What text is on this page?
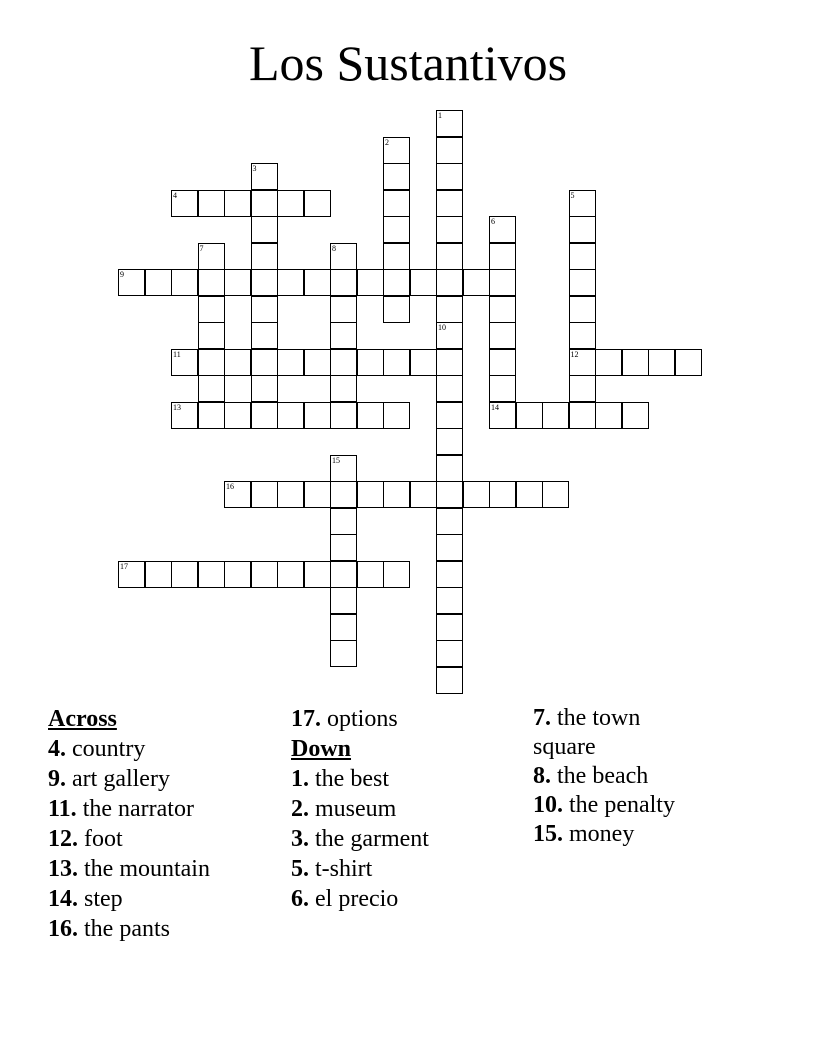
Los Sustantivos
1
10
2
3
4	5
12
6
14
7	8
9
11
13
15
16
17
Across
4. country
9. art gallery
11. the narrator
12. foot
13. the mountain
14. step
16. the pants
17. options
Down
1. the best
2. museum
3. the garment
5. t-shirt
6. el precio
7. the town square
8. the beach
10. the penalty
15. money
